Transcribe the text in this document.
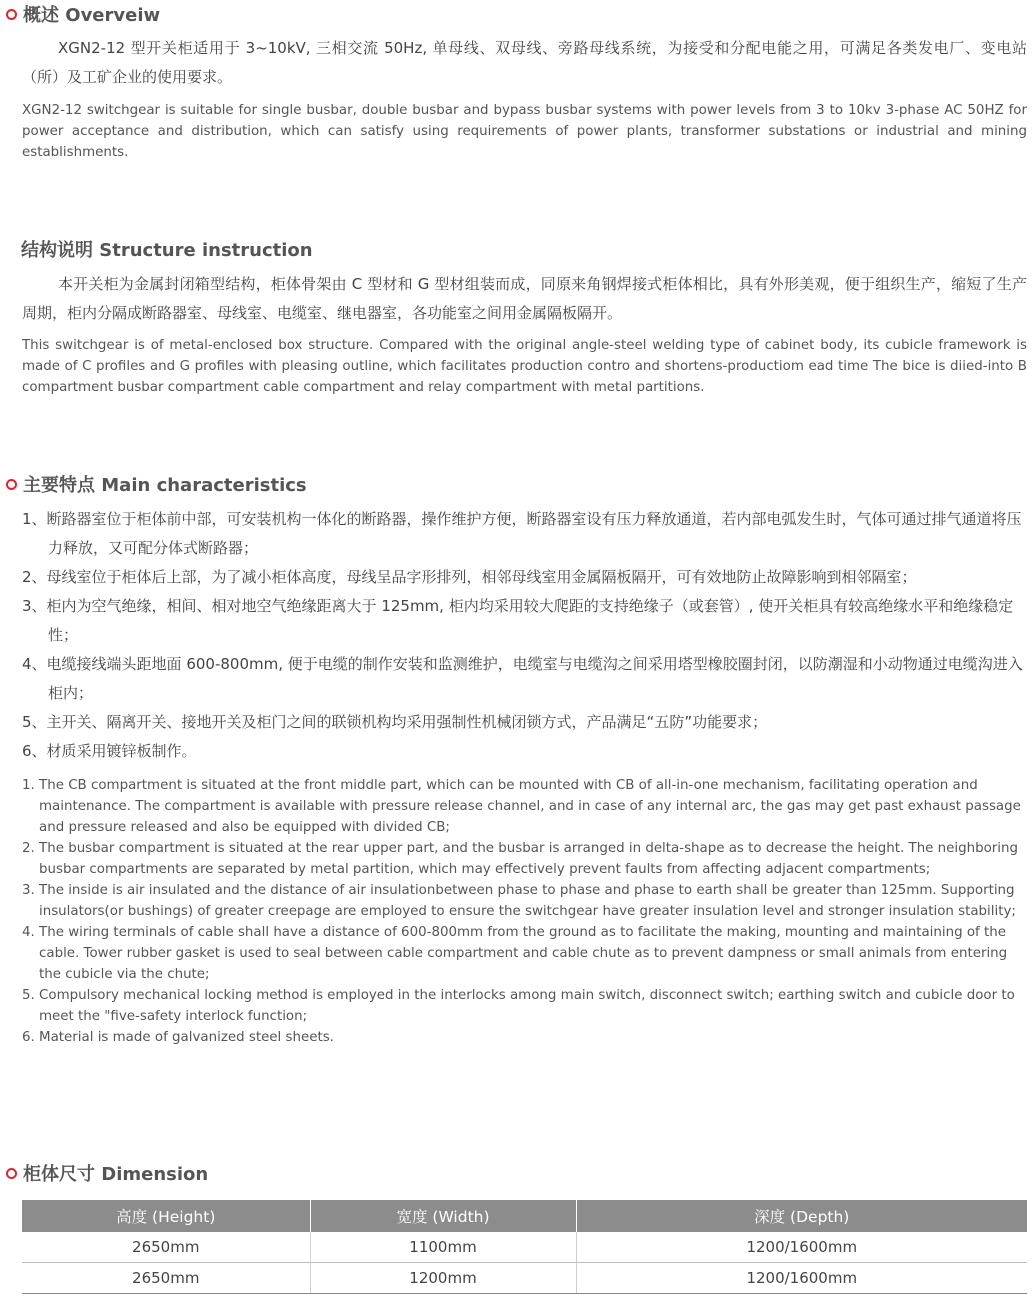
概述 Overveiw

XGN2-12 型开关柜适用于 3~10kV, 三相交流 50Hz, 单母线、双母线、旁路母线系统，为接受和分配电能之用，可满足各类发电厂、变电站（所）及工矿企业的使用要求。

XGN2-12 switchgear is suitable for single busbar, double busbar and bypass busbar systems with power levels from 3 to 10kv 3-phase AC 50HZ for power acceptance and distribution, which can satisfy using requirements of power plants, transformer substations or industrial and mining establishments.

结构说明 Structure instruction

本开关柜为金属封闭箱型结构，柜体骨架由 C 型材和 G 型材组装而成，同原来角钢焊接式柜体相比，具有外形美观，便于组织生产，缩短了生产周期，柜内分隔成断路器室、母线室、电缆室、继电器室，各功能室之间用金属隔板隔开。

This switchgear is of metal-enclosed box structure. Compared with the original angle-steel welding type of cabinet body, its cubicle framework is made of C profiles and G profiles with pleasing outline, which facilitates production contro and shortens-productiom ead time The bice is diied-into B compartment busbar compartment cable compartment and relay compartment with metal partitions.

主要特点 Main characteristics
1、断路器室位于柜体前中部，可安装机构一体化的断路器，操作维护方便，断路器室设有压力释放通道，若内部电弧发生时，气体可通过排气通道将压力释放，又可配分体式断路器；
2、母线室位于柜体后上部，为了减小柜体高度，母线呈品字形排列，相邻母线室用金属隔板隔开，可有效地防止故障影响到相邻隔室；
3、柜内为空气绝缘，相间、相对地空气绝缘距离大于 125mm, 柜内均采用较大爬距的支持绝缘子（或套管）, 使开关柜具有较高绝缘水平和绝缘稳定性；
4、电缆接线端头距地面 600-800mm, 便于电缆的制作安装和监测维护，电缆室与电缆沟之间采用塔型橡胶圈封闭，以防潮湿和小动物通过电缆沟进入柜内；
5、主开关、隔离开关、接地开关及柜门之间的联锁机构均采用强制性机械闭锁方式，产品满足“五防”功能要求；
6、材质采用镀锌板制作。
1. The CB compartment is situated at the front middle part, which can be mounted with CB of all-in-one mechanism, facilitating operation and maintenance. The compartment is available with pressure release channel, and in case of any internal arc, the gas may get past exhaust passage and pressure released and also be equipped with divided CB;
2. The busbar compartment is situated at the rear upper part, and the busbar is arranged in delta-shape as to decrease the height. The neighboring busbar compartments are separated by metal partition, which may effectively prevent faults from affecting adjacent compartments;
3. The inside is air insulated and the distance of air insulationbetween phase to phase and phase to earth shall be greater than 125mm. Supporting insulators(or bushings) of greater creepage are employed to ensure the switchgear have greater insulation level and stronger insulation stability;
4. The wiring terminals of cable shall have a distance of 600-800mm from the ground as to facilitate the making, mounting and maintaining of the cable. Tower rubber gasket is used to seal between cable compartment and cable chute as to prevent dampness or small animals from entering the cubicle via the chute;
5. Compulsory mechanical locking method is employed in the interlocks among main switch, disconnect switch; earthing switch and cubicle door to meet the "five-safety interlock function;
6. Material is made of galvanized steel sheets.
柜体尺寸 Dimension
高度 (Height)	宽度 (Width)	深度 (Depth)
2650mm	1100mm	1200/1600mm
2650mm	1200mm	1200/1600mm
